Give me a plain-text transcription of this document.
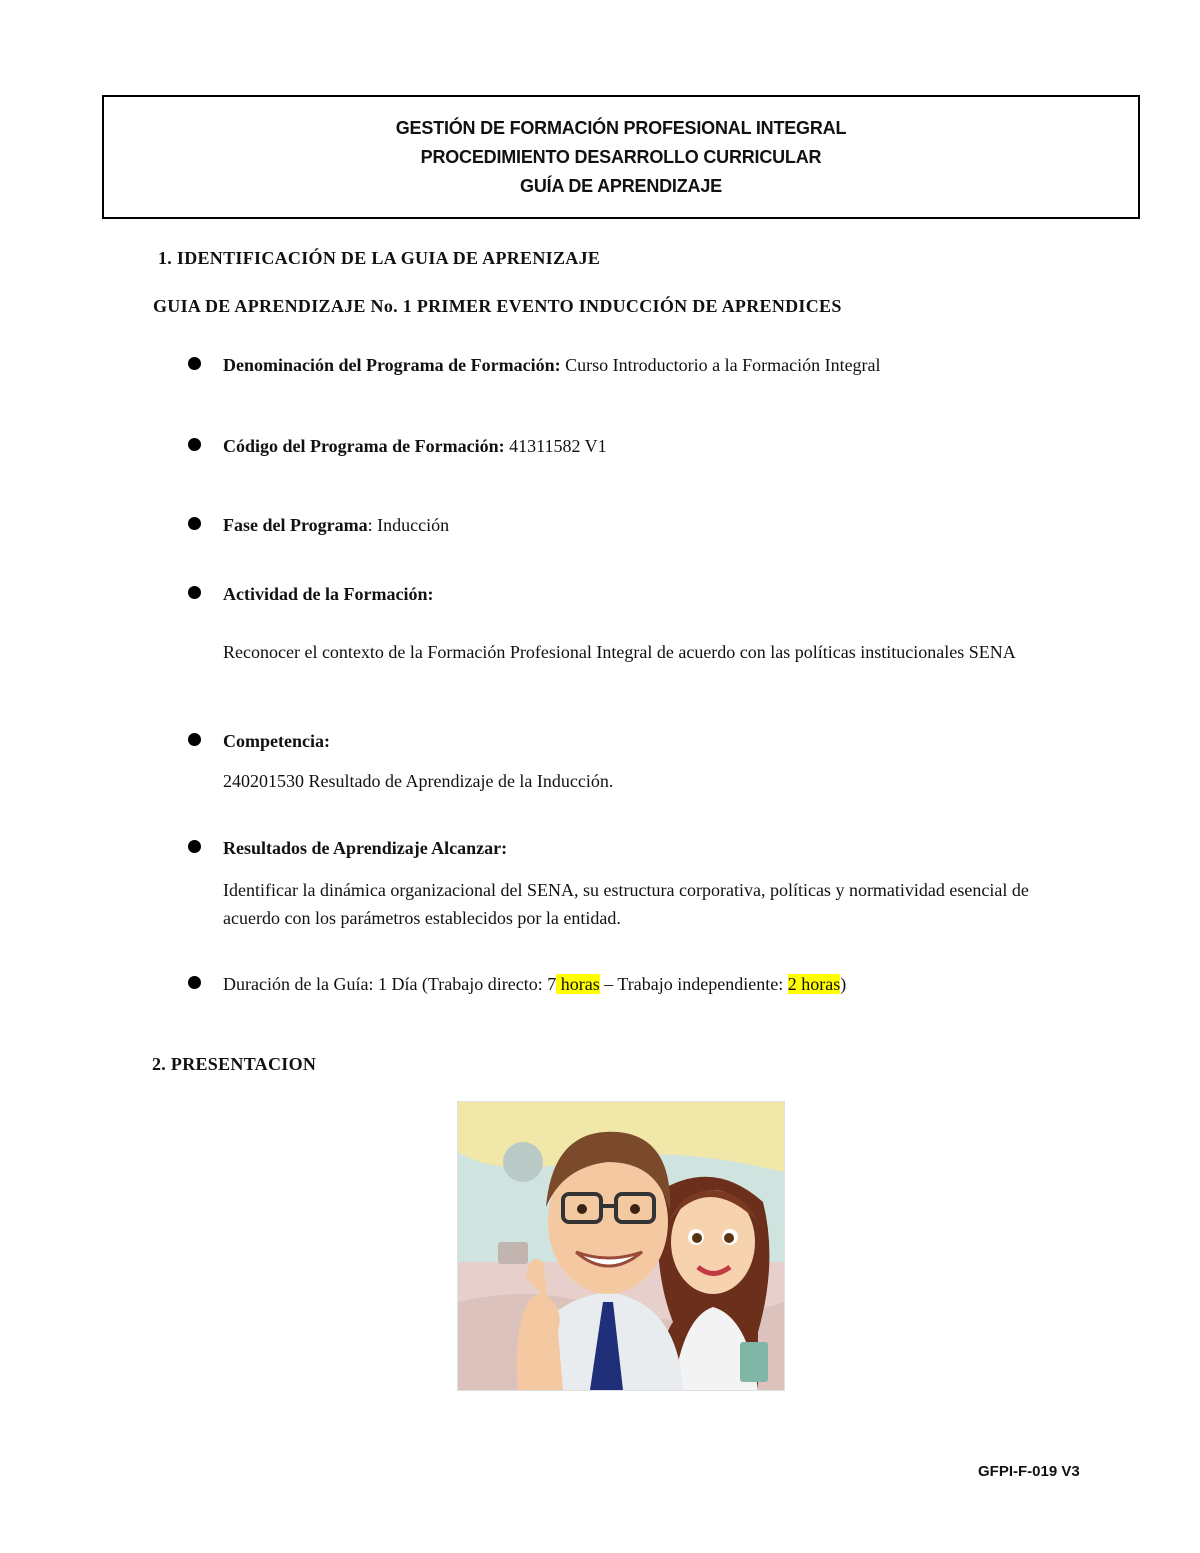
GESTIÓN DE FORMACIÓN PROFESIONAL INTEGRAL
PROCEDIMIENTO DESARROLLO CURRICULAR
GUÍA DE APRENDIZAJE
1. IDENTIFICACIÓN DE LA GUIA DE APRENIZAJE
GUIA DE APRENDIZAJE No. 1 PRIMER EVENTO INDUCCIÓN DE APRENDICES
Denominación del Programa de Formación: Curso Introductorio a la Formación Integral
Código del Programa de Formación: 41311582 V1
Fase del Programa: Inducción
Actividad de la Formación:
Reconocer el contexto de la Formación Profesional Integral de acuerdo con las políticas institucionales SENA
Competencia:
240201530 Resultado de Aprendizaje de la Inducción.
Resultados de Aprendizaje Alcanzar:
Identificar la dinámica organizacional del SENA, su estructura corporativa, políticas y normatividad esencial de acuerdo con los parámetros establecidos por la entidad.
Duración de la Guía: 1 Día (Trabajo directo: 7 horas – Trabajo independiente: 2 horas)
2. PRESENTACION
GFPI-F-019 V3
